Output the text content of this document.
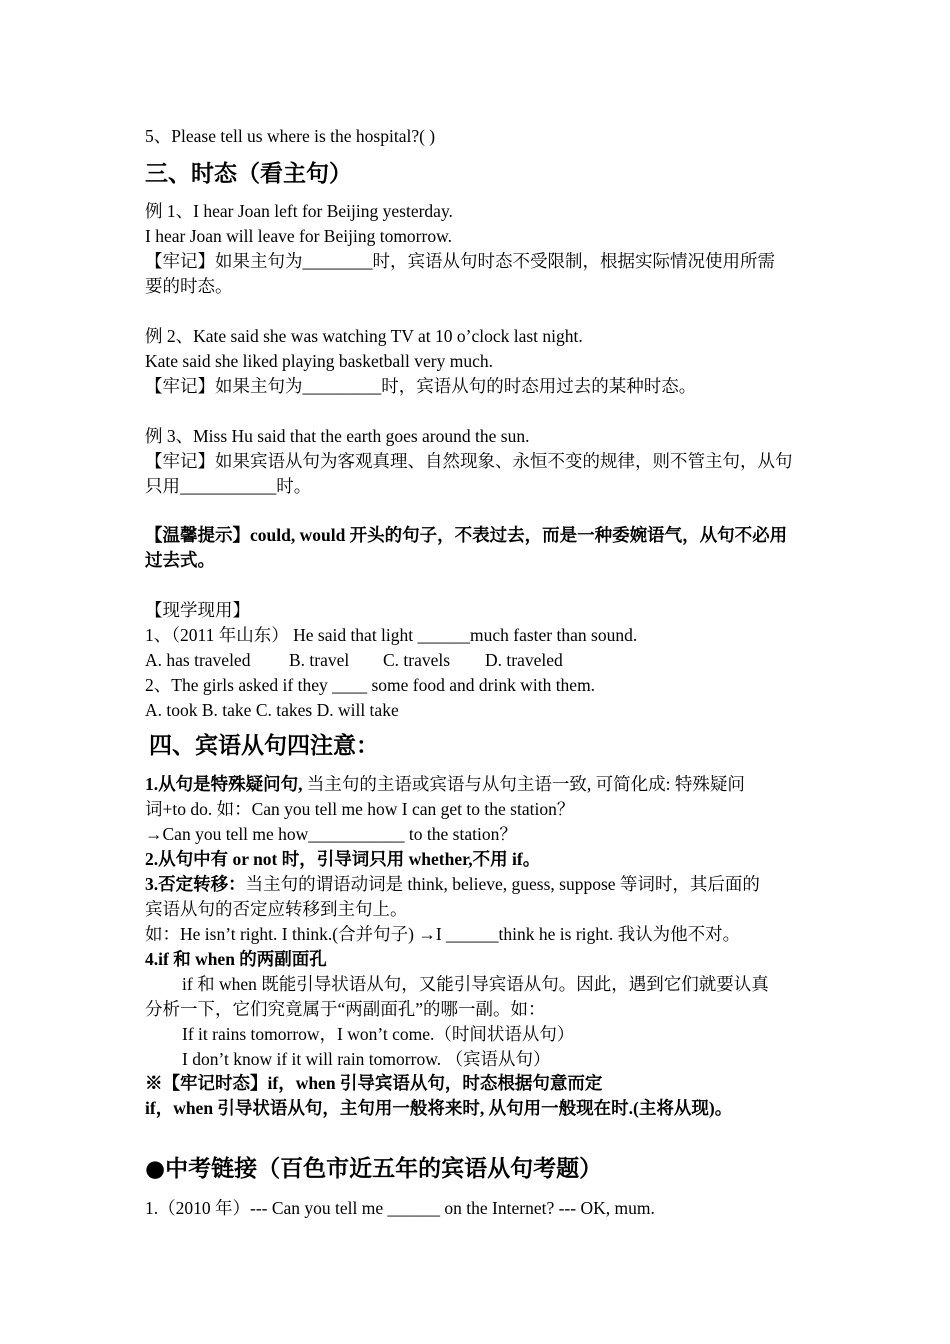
5、Please tell us where is the hospital?( )
三、时态（看主句）
例 1、I hear Joan left for Beijing yesterday.
I hear Joan will leave for Beijing tomorrow.
【牢记】如果主句为________时，宾语从句时态不受限制，根据实际情况使用所需
要的时态。
例 2、Kate said she was watching TV at 10 o’clock last night.
Kate said she liked playing basketball very much.
【牢记】如果主句为_________时，宾语从句的时态用过去的某种时态。
例 3、Miss Hu said that the earth goes around the sun.
【牢记】如果宾语从句为客观真理、自然现象、永恒不变的规律，则不管主句，从句
只用___________时。
【温馨提示】could, would 开头的句子，不表过去，而是一种委婉语气，从句不必用
过去式。
【现学现用】
1、（2011 年山东） He said that light ______much faster than sound.
A. has traveled B. travel C. travels D. traveled
2、The girls asked if they ____ some food and drink with them.
A. took B. take C. takes D. will take
四、宾语从句四注意：
1.从句是特殊疑问句, 当主句的主语或宾语与从句主语一致, 可简化成: 特殊疑问
词+to do. 如：Can you tell me how I can get to the station？
→Can you tell me how___________ to the station？
2.从句中有 or not 时，引导词只用 whether,不用 if。
3.否定转移：当主句的谓语动词是 think, believe, guess, suppose 等词时，其后面的
宾语从句的否定应转移到主句上。
如：He isn’t right. I think.(合并句子) →I ______think he is right. 我认为他不对。
4.if 和 when 的两副面孔
if 和 when 既能引导状语从句，又能引导宾语从句。因此，遇到它们就要认真
分析一下，它们究竟属于“两副面孔”的哪一副。如：
If it rains tomorrow，I won’t come.（时间状语从句）
I don’t know if it will rain tomorrow. （宾语从句）
※【牢记时态】if，when 引导宾语从句，时态根据句意而定
if，when 引导状语从句，主句用一般将来时, 从句用一般现在时.(主将从现)。
●中考链接（百色市近五年的宾语从句考题）
1.（2010 年）--- Can you tell me ______ on the Internet? --- OK, mum.
